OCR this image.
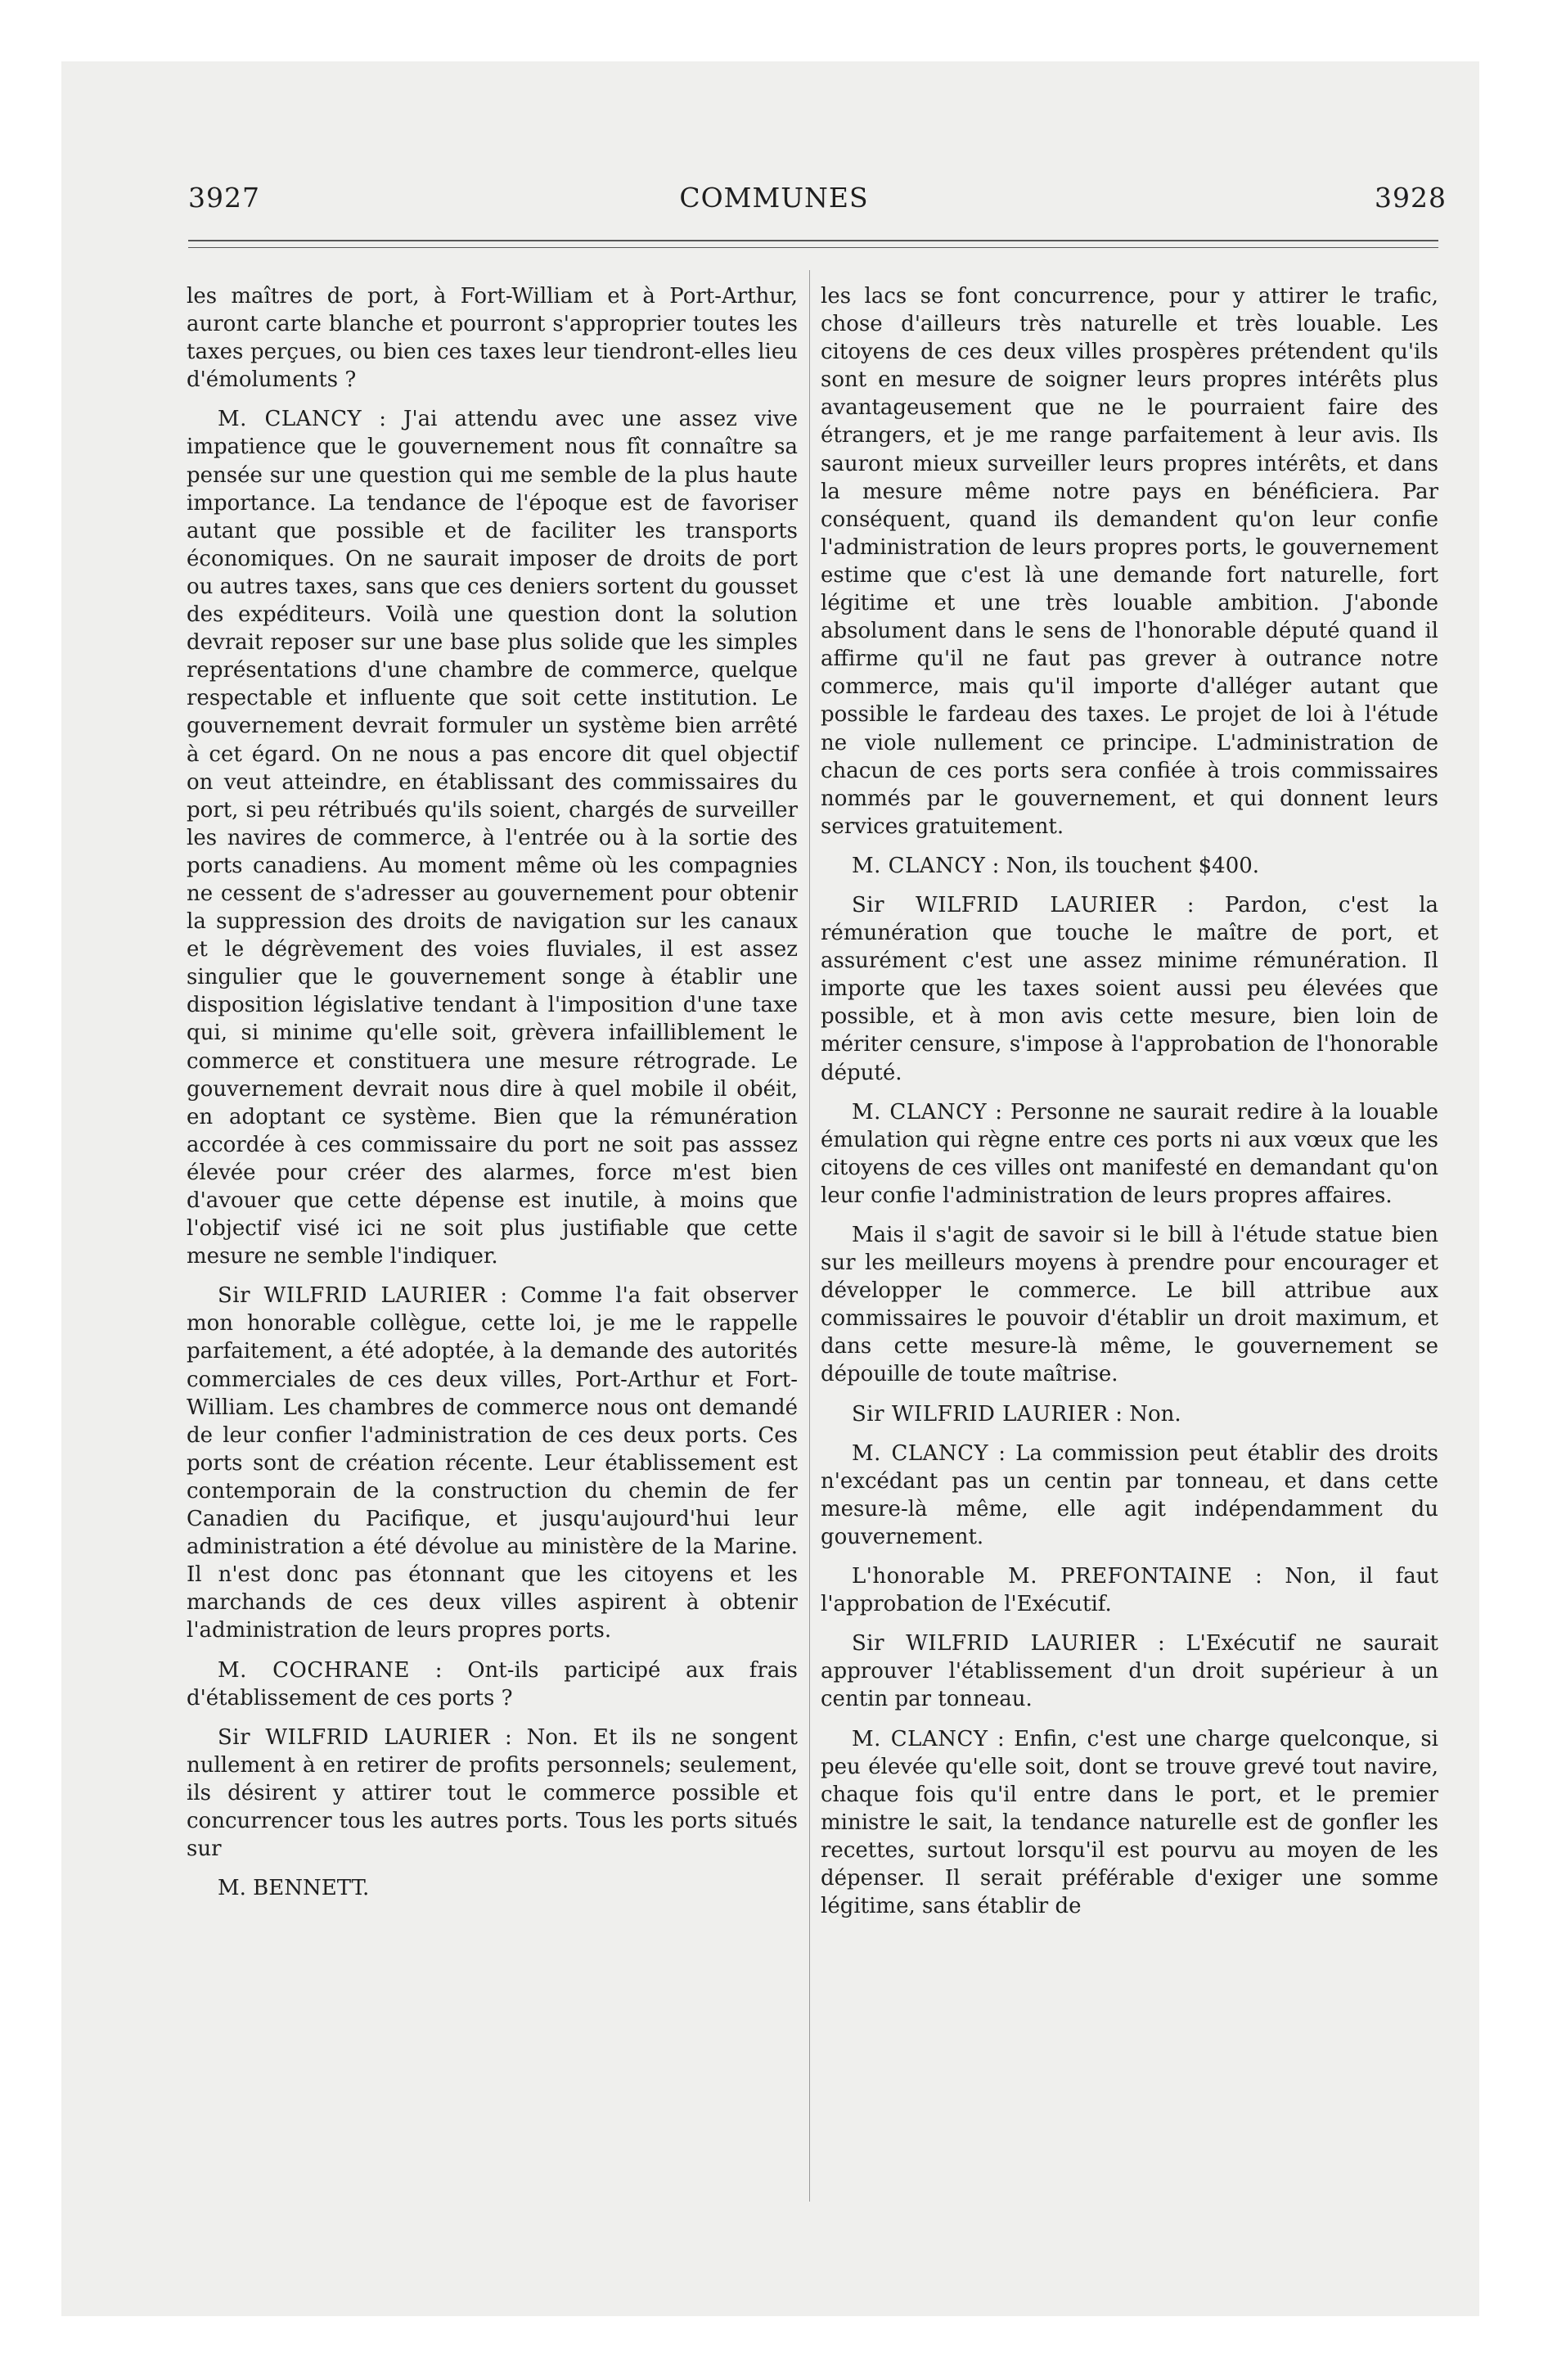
3927	COMMUNES	3928

les maîtres de port, à Fort-William et à Port-Arthur, auront carte blanche et pourront s'approprier toutes les taxes perçues, ou bien ces taxes leur tiendront-elles lieu d'émoluments ?

M. CLANCY : J'ai attendu avec une assez vive impatience que le gouvernement nous fît connaître sa pensée sur une question qui me semble de la plus haute importance. La tendance de l'époque est de favoriser autant que possible et de faciliter les transports économiques. On ne saurait imposer de droits de port ou autres taxes, sans que ces deniers sortent du gousset des expéditeurs. Voilà une question dont la solution devrait reposer sur une base plus solide que les simples représentations d'une chambre de commerce, quelque respectable et influente que soit cette institution. Le gouvernement devrait formuler un système bien arrêté à cet égard. On ne nous a pas encore dit quel objectif on veut atteindre, en établissant des commissaires du port, si peu rétribués qu'ils soient, chargés de surveiller les navires de commerce, à l'entrée ou à la sortie des ports canadiens. Au moment même où les compagnies ne cessent de s'adresser au gouvernement pour obtenir la suppression des droits de navigation sur les canaux et le dégrèvement des voies fluviales, il est assez singulier que le gouvernement songe à établir une disposition législative tendant à l'imposition d'une taxe qui, si minime qu'elle soit, grèvera infailliblement le commerce et constituera une mesure rétrograde. Le gouvernement devrait nous dire à quel mobile il obéit, en adoptant ce système. Bien que la rémunération accordée à ces commissaire du port ne soit pas asssez élevée pour créer des alarmes, force m'est bien d'avouer que cette dépense est inutile, à moins que l'objectif visé ici ne soit plus justifiable que cette mesure ne semble l'indiquer.

Sir WILFRID LAURIER : Comme l'a fait observer mon honorable collègue, cette loi, je me le rappelle parfaitement, a été adoptée, à la demande des autorités commerciales de ces deux villes, Port-Arthur et Fort-William. Les chambres de commerce nous ont demandé de leur confier l'administration de ces deux ports. Ces ports sont de création récente. Leur établissement est contemporain de la construction du chemin de fer Canadien du Pacifique, et jusqu'aujourd'hui leur administration a été dévolue au ministère de la Marine. Il n'est donc pas étonnant que les citoyens et les marchands de ces deux villes aspirent à obtenir l'administration de leurs propres ports.

M. COCHRANE : Ont-ils participé aux frais d'établissement de ces ports ?

Sir WILFRID LAURIER : Non. Et ils ne songent nullement à en retirer de profits personnels; seulement, ils désirent y attirer tout le commerce possible et concurrencer tous les autres ports. Tous les ports situés sur

M. BENNETT.

les lacs se font concurrence, pour y attirer le trafic, chose d'ailleurs très naturelle et très louable. Les citoyens de ces deux villes prospères prétendent qu'ils sont en mesure de soigner leurs propres intérêts plus avantageusement que ne le pourraient faire des étrangers, et je me range parfaitement à leur avis. Ils sauront mieux surveiller leurs propres intérêts, et dans la mesure même notre pays en bénéficiera. Par conséquent, quand ils demandent qu'on leur confie l'administration de leurs propres ports, le gouvernement estime que c'est là une demande fort naturelle, fort légitime et une très louable ambition. J'abonde absolument dans le sens de l'honorable député quand il affirme qu'il ne faut pas grever à outrance notre commerce, mais qu'il importe d'alléger autant que possible le fardeau des taxes. Le projet de loi à l'étude ne viole nullement ce principe. L'administration de chacun de ces ports sera confiée à trois commissaires nommés par le gouvernement, et qui donnent leurs services gratuitement.

M. CLANCY : Non, ils touchent $400.

Sir WILFRID LAURIER : Pardon, c'est la rémunération que touche le maître de port, et assurément c'est une assez minime rémunération. Il importe que les taxes soient aussi peu élevées que possible, et à mon avis cette mesure, bien loin de mériter censure, s'impose à l'approbation de l'honorable député.

M. CLANCY : Personne ne saurait redire à la louable émulation qui règne entre ces ports ni aux vœux que les citoyens de ces villes ont manifesté en demandant qu'on leur confie l'administration de leurs propres affaires.

Mais il s'agit de savoir si le bill à l'étude statue bien sur les meilleurs moyens à prendre pour encourager et développer le commerce. Le bill attribue aux commissaires le pouvoir d'établir un droit maximum, et dans cette mesure-là même, le gouvernement se dépouille de toute maîtrise.

Sir WILFRID LAURIER : Non.

M. CLANCY : La commission peut établir des droits n'excédant pas un centin par tonneau, et dans cette mesure-là même, elle agit indépendamment du gouvernement.

L'honorable M. PREFONTAINE : Non, il faut l'approbation de l'Exécutif.

Sir WILFRID LAURIER : L'Exécutif ne saurait approuver l'établissement d'un droit supérieur à un centin par tonneau.

M. CLANCY : Enfin, c'est une charge quelconque, si peu élevée qu'elle soit, dont se trouve grevé tout navire, chaque fois qu'il entre dans le port, et le premier ministre le sait, la tendance naturelle est de gonfler les recettes, surtout lorsqu'il est pourvu au moyen de les dépenser. Il serait préférable d'exiger une somme légitime, sans établir de
